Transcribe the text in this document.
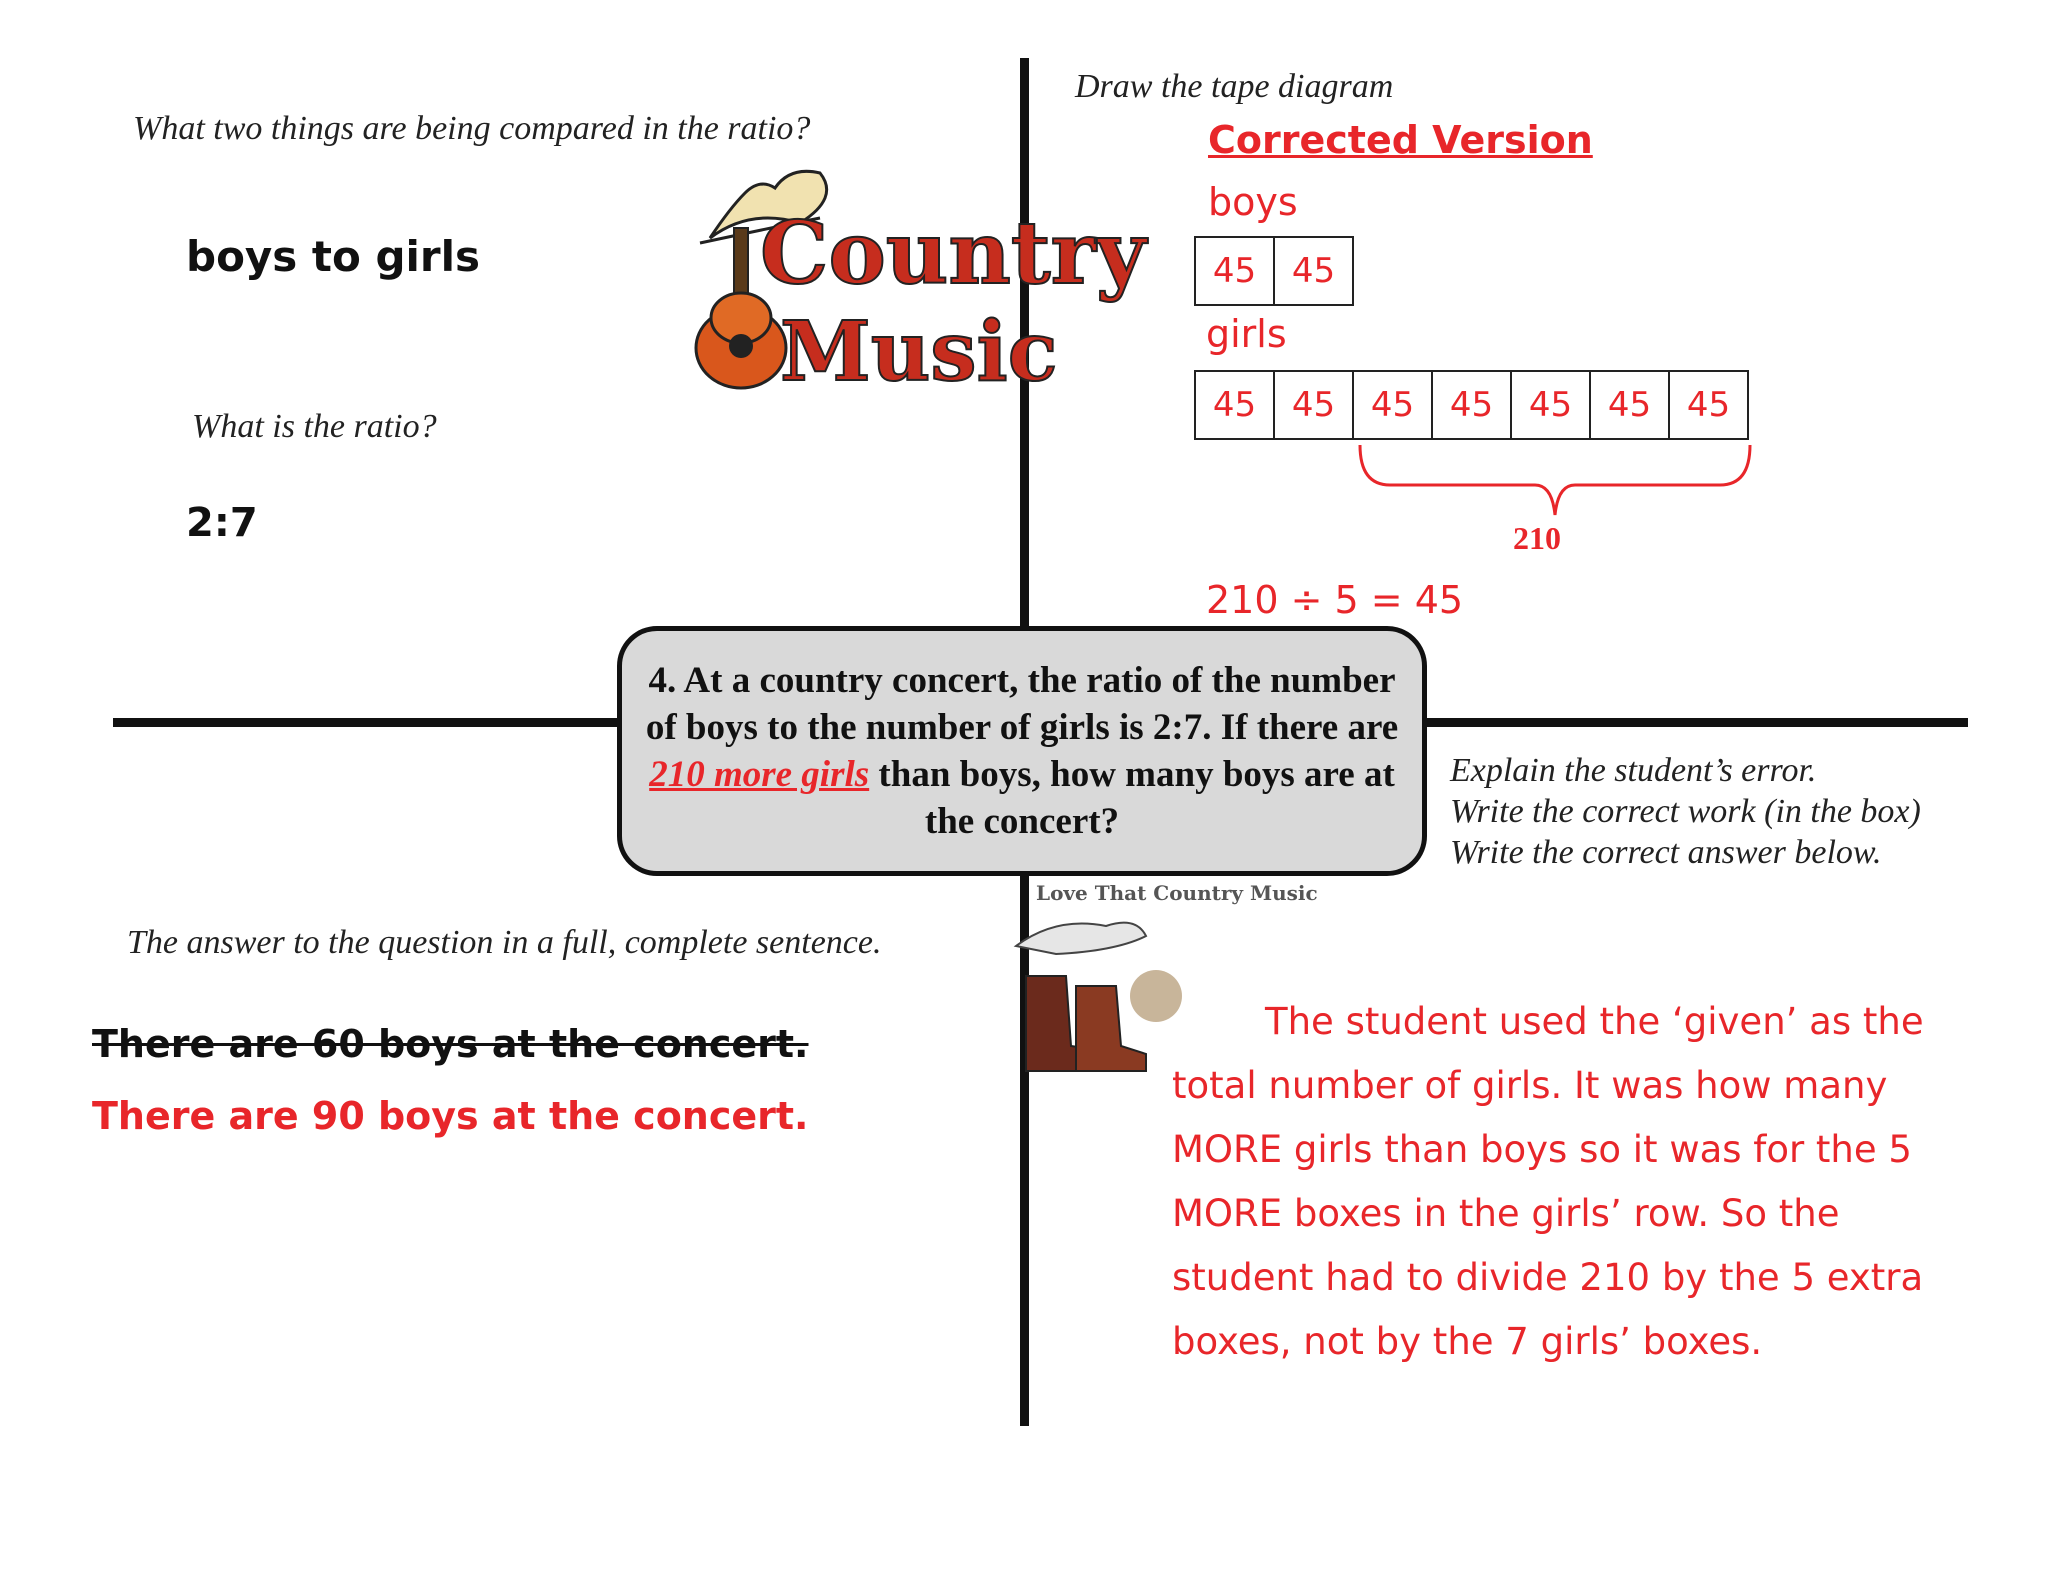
What two things are being compared in the ratio?
boys to girls
What is the ratio?
2:7
Country
Music
Draw the tape diagram
Corrected Version
boys
45	45
girls
45	45	45	45	45	45	45
210
210 ÷ 5 = 45
4. At a country concert, the ratio of the number of boys to the number of girls is 2:7. If there are 210 more girls than boys, how many boys are at the concert?
Explain the student’s error.
Write the correct work (in the box)
Write the correct answer below.
Love That Country Music
The student used the ‘given’ as the
total number of girls. It was how many
MORE girls than boys so it was for the 5
MORE boxes in the girls’ row. So the
student had to divide 210 by the 5 extra
boxes, not by the 7 girls’ boxes.
The answer to the question in a full, complete sentence.
There are 60 boys at the concert.
There are 90 boys at the concert.
